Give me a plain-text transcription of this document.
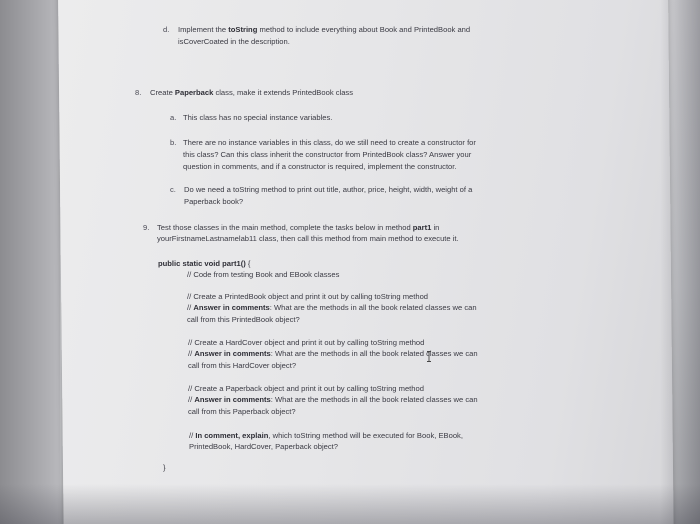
d. Implement the toString method to include everything about Book and PrintedBook and
isCoverCoated in the description.
8. Create Paperback class, make it extends PrintedBook class
a. This class has no special instance variables.
b. There are no instance variables in this class, do we still need to create a constructor for
this class? Can this class inherit the constructor from PrintedBook class? Answer your
question in comments, and if a constructor is required, implement the constructor.
c. Do we need a toString method to print out title, author, price, height, width, weight of a
Paperback book?
9. Test those classes in the main method, complete the tasks below in method part1 in
yourFirstnameLastnamelab11 class, then call this method from main method to execute it.
public static void part1() {
// Code from testing Book and EBook classes
// Create a PrintedBook object and print it out by calling toString method
// Answer in comments: What are the methods in all the book related classes we can
call from this PrintedBook object?
// Create a HardCover object and print it out by calling toString method
// Answer in comments: What are the methods in all the book related classes we can
call from this HardCover object?
// Create a Paperback object and print it out by calling toString method
// Answer in comments: What are the methods in all the book related classes we can
call from this Paperback object?
// In comment, explain, which toString method will be executed for Book, EBook,
PrintedBook, HardCover, Paperback object?
}
